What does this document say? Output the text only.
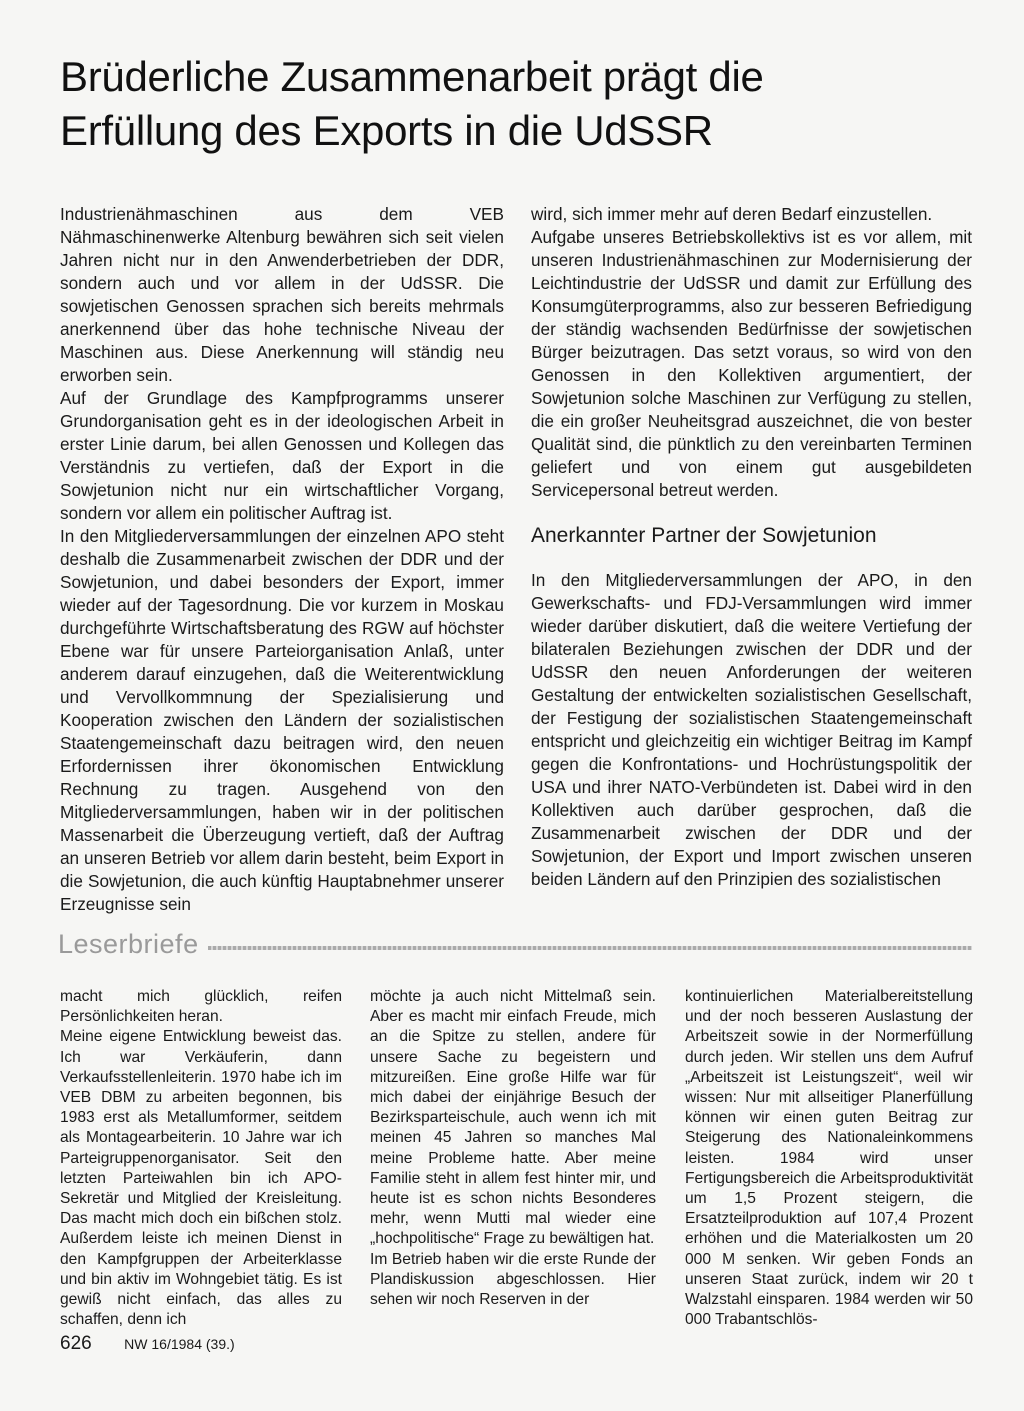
Brüderliche Zusammenarbeit prägt die
Erfüllung des Exports in die UdSSR

Industrienähmaschinen aus dem VEB Nähmaschinenwerke Altenburg bewähren sich seit vielen Jahren nicht nur in den Anwenderbetrieben der DDR, sondern auch und vor allem in der UdSSR. Die sowjetischen Genossen sprachen sich bereits mehrmals anerkennend über das hohe technische Niveau der Maschinen aus. Diese Anerkennung will ständig neu erworben sein.

Auf der Grundlage des Kampfprogramms unserer Grundorganisation geht es in der ideologischen Arbeit in erster Linie darum, bei allen Genossen und Kollegen das Verständnis zu vertiefen, daß der Export in die Sowjetunion nicht nur ein wirtschaftlicher Vorgang, sondern vor allem ein politischer Auftrag ist.

In den Mitgliederversammlungen der einzelnen APO steht deshalb die Zusammenarbeit zwischen der DDR und der Sowjetunion, und dabei besonders der Export, immer wieder auf der Tagesordnung. Die vor kurzem in Moskau durchgeführte Wirtschaftsberatung des RGW auf höchster Ebene war für unsere Parteiorganisation Anlaß, unter anderem darauf einzugehen, daß die Weiterentwicklung und Vervollkommnung der Spezialisierung und Kooperation zwischen den Ländern der sozialistischen Staatengemeinschaft dazu beitragen wird, den neuen Erfordernissen ihrer ökonomischen Entwicklung Rechnung zu tragen. Ausgehend von den Mitgliederversammlungen, haben wir in der politischen Massenarbeit die Überzeugung vertieft, daß der Auftrag an unseren Betrieb vor allem darin besteht, beim Export in die Sowjetunion, die auch künftig Hauptabnehmer unserer Erzeugnisse sein

wird, sich immer mehr auf deren Bedarf einzustellen.

Aufgabe unseres Betriebskollektivs ist es vor allem, mit unseren Industrienähmaschinen zur Modernisierung der Leichtindustrie der UdSSR und damit zur Erfüllung des Konsumgüterprogramms, also zur besseren Befriedigung der ständig wachsenden Bedürfnisse der sowjetischen Bürger beizutragen. Das setzt voraus, so wird von den Genossen in den Kollektiven argumentiert, der Sowjetunion solche Maschinen zur Verfügung zu stellen, die ein großer Neuheitsgrad auszeichnet, die von bester Qualität sind, die pünktlich zu den vereinbarten Terminen geliefert und von einem gut ausgebildeten Servicepersonal betreut werden.

Anerkannter Partner der Sowjetunion

In den Mitgliederversammlungen der APO, in den Gewerkschafts- und FDJ-Versammlungen wird immer wieder darüber diskutiert, daß die weitere Vertiefung der bilateralen Beziehungen zwischen der DDR und der UdSSR den neuen Anforderungen der weiteren Gestaltung der entwickelten sozialistischen Gesellschaft, der Festigung der sozialistischen Staatengemeinschaft entspricht und gleichzeitig ein wichtiger Beitrag im Kampf gegen die Konfrontations- und Hochrüstungspolitik der USA und ihrer NATO-Verbündeten ist. Dabei wird in den Kollektiven auch darüber gesprochen, daß die Zusammenarbeit zwischen der DDR und der Sowjetunion, der Export und Import zwischen unseren beiden Ländern auf den Prinzipien des sozialistischen

Leserbriefe

macht mich glücklich, reifen Persönlichkeiten heran.

Meine eigene Entwicklung beweist das. Ich war Verkäuferin, dann Verkaufsstellenleiterin. 1970 habe ich im VEB DBM zu arbeiten begonnen, bis 1983 erst als Metallumformer, seitdem als Montagearbeiterin. 10 Jahre war ich Parteigruppenorganisator. Seit den letzten Parteiwahlen bin ich APO-Sekretär und Mitglied der Kreisleitung. Das macht mich doch ein bißchen stolz. Außerdem leiste ich meinen Dienst in den Kampfgruppen der Arbeiterklasse und bin aktiv im Wohngebiet tätig. Es ist gewiß nicht einfach, das alles zu schaffen, denn ich

möchte ja auch nicht Mittelmaß sein. Aber es macht mir einfach Freude, mich an die Spitze zu stellen, andere für unsere Sache zu begeistern und mitzureißen. Eine große Hilfe war für mich dabei der einjährige Besuch der Bezirksparteischule, auch wenn ich mit meinen 45 Jahren so manches Mal meine Probleme hatte. Aber meine Familie steht in allem fest hinter mir, und heute ist es schon nichts Besonderes mehr, wenn Mutti mal wieder eine „hochpolitische“ Frage zu bewältigen hat.

Im Betrieb haben wir die erste Runde der Plandiskussion abgeschlossen. Hier sehen wir noch Reserven in der

kontinuierlichen Materialbereitstellung und der noch besseren Auslastung der Arbeitszeit sowie in der Normerfüllung durch jeden. Wir stellen uns dem Aufruf „Arbeitszeit ist Leistungszeit“, weil wir wissen: Nur mit allseitiger Planerfüllung können wir einen guten Beitrag zur Steigerung des Nationaleinkommens leisten. 1984 wird unser Fertigungsbereich die Arbeitsproduktivität um 1,5 Prozent steigern, die Ersatzteilproduktion auf 107,4 Prozent erhöhen und die Materialkosten um 20 000 M senken. Wir geben Fonds an unseren Staat zurück, indem wir 20 t Walzstahl einsparen. 1984 werden wir 50 000 Trabantschlös-

626 NW 16/1984 (39.)
